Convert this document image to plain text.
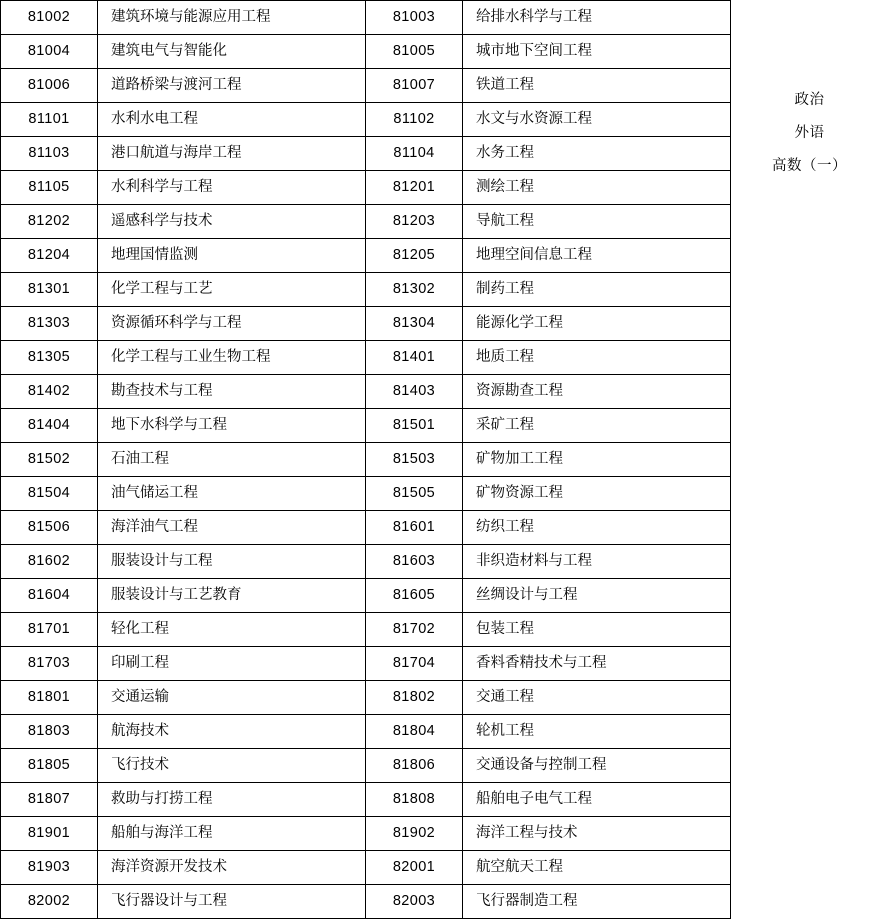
81002	建筑环境与能源应用工程	81003	给排水科学与工程
81004	建筑电气与智能化	81005	城市地下空间工程
81006	道路桥梁与渡河工程	81007	铁道工程
81101	水利水电工程	81102	水文与水资源工程
81103	港口航道与海岸工程	81104	水务工程
81105	水利科学与工程	81201	测绘工程
81202	遥感科学与技术	81203	导航工程
81204	地理国情监测	81205	地理空间信息工程
81301	化学工程与工艺	81302	制药工程
81303	资源循环科学与工程	81304	能源化学工程
81305	化学工程与工业生物工程	81401	地质工程
81402	勘查技术与工程	81403	资源勘查工程
81404	地下水科学与工程	81501	采矿工程
81502	石油工程	81503	矿物加工工程
81504	油气储运工程	81505	矿物资源工程
81506	海洋油气工程	81601	纺织工程
81602	服装设计与工程	81603	非织造材料与工程
81604	服装设计与工艺教育	81605	丝绸设计与工程
81701	轻化工程	81702	包装工程
81703	印刷工程	81704	香料香精技术与工程
81801	交通运输	81802	交通工程
81803	航海技术	81804	轮机工程
81805	飞行技术	81806	交通设备与控制工程
81807	救助与打捞工程	81808	船舶电子电气工程
81901	船舶与海洋工程	81902	海洋工程与技术
81903	海洋资源开发技术	82001	航空航天工程
82002	飞行器设计与工程	82003	飞行器制造工程
政治
外语
高数（一）
